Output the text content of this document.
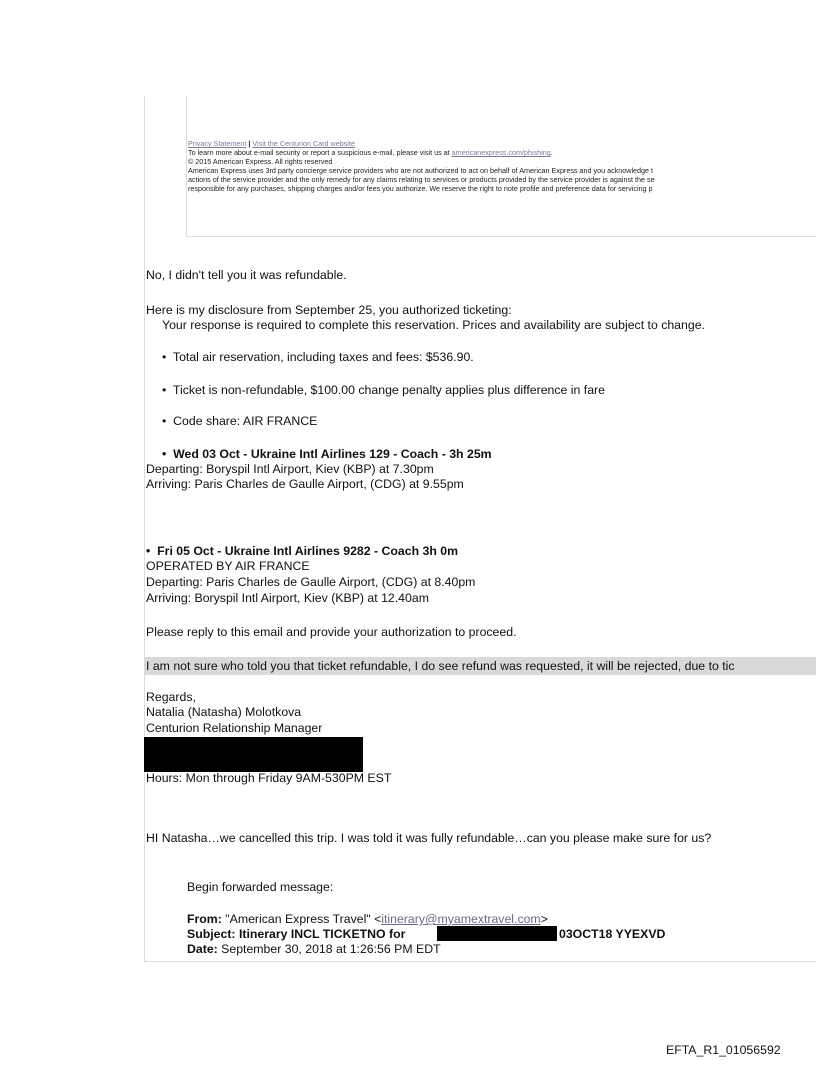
Privacy Statement | Visit the Centurion Card website
To learn more about e-mail security or report a suspicious e-mail, please visit us at americanexpress.com/phishing.
© 2015 American Express. All rights reserved
American Express uses 3rd party concierge service providers who are not authorized to act on behalf of American Express and you acknowledge t
actions of the service provider and the only remedy for any claims relating to services or products provided by the service provider is against the se
responsible for any purchases, shipping charges and/or fees you authorize. We reserve the right to note profile and preference data for servicing p
No, I didn't tell you it was refundable.
Here is my disclosure from September 25, you authorized ticketing:
Your response is required to complete this reservation. Prices and availability are subject to change.
•  Total air reservation, including taxes and fees: $536.90.
•  Ticket is non-refundable, $100.00 change penalty applies plus difference in fare
•  Code share: AIR FRANCE
•  Wed 03 Oct - Ukraine Intl Airlines 129 - Coach - 3h 25m
Departing: Boryspil Intl Airport, Kiev (KBP) at 7.30pm
Arriving: Paris Charles de Gaulle Airport, (CDG) at 9.55pm
•  Fri 05 Oct - Ukraine Intl Airlines 9282 - Coach 3h 0m
OPERATED BY AIR FRANCE
Departing: Paris Charles de Gaulle Airport, (CDG) at 8.40pm
Arriving: Boryspil Intl Airport, Kiev (KBP) at 12.40am
Please reply to this email and provide your authorization to proceed.
I am not sure who told you that ticket refundable, I do see refund was requested, it will be rejected, due to tic
Regards,
Natalia (Natasha) Molotkova
Centurion Relationship Manager
Hours: Mon through Friday 9AM-530PM EST
HI Natasha…we cancelled this trip. I was told it was fully refundable…can you please make sure for us?
Begin forwarded message:
From: "American Express Travel" <itinerary@myamextravel.com>
Subject: Itinerary INCL TICKETNO for	03OCT18 YYEXVD
Date: September 30, 2018 at 1:26:56 PM EDT
EFTA_R1_01056592
